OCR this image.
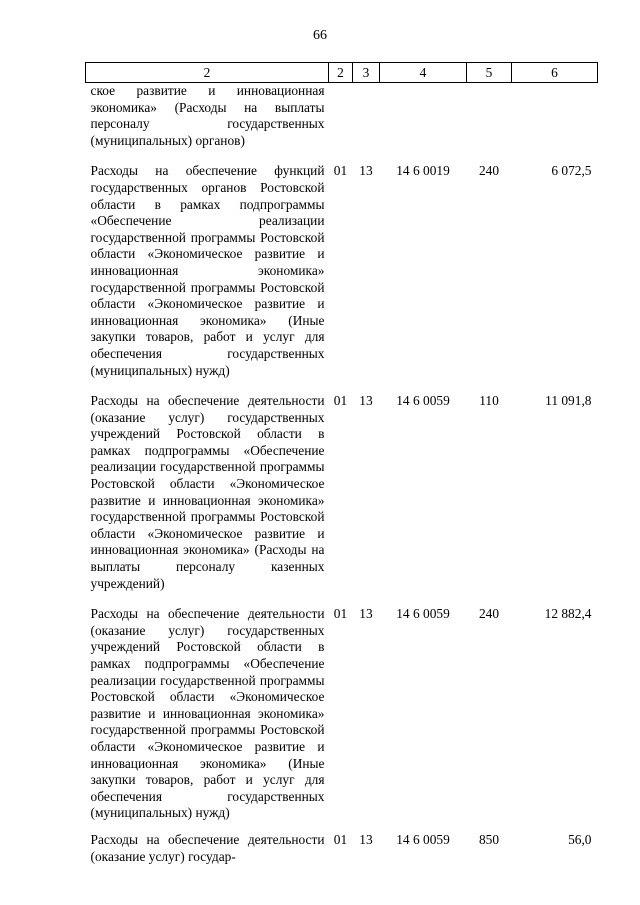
66
2	2	3	4	5	6
ское развитие и инновационная экономика» (Расходы на выплаты персоналу государственных (муниципальных) органов)					
Расходы на обеспечение функций государственных органов Ростовской области в рамках подпрограммы «Обеспечение реализации государственной программы Ростовской области «Экономическое развитие и инновационная экономика» государственной программы Ростовской области «Экономическое развитие и инновационная экономика» (Иные закупки товаров, работ и услуг для обеспечения государственных (муниципальных) нужд)	01	13	14 6 0019	240	6 072,5
Расходы на обеспечение деятельности (оказание услуг) государственных учреждений Ростовской области в рамках подпрограммы «Обеспечение реализации государственной программы Ростовской области «Экономическое развитие и инновационная экономика» государственной программы Ростовской области «Экономическое развитие и инновационная экономика» (Расходы на выплаты персоналу казенных учреждений)	01	13	14 6 0059	110	11 091,8
Расходы на обеспечение деятельности (оказание услуг) государственных учреждений Ростовской области в рамках подпрограммы «Обеспечение реализации государственной программы Ростовской области «Экономическое развитие и инновационная экономика» государственной программы Ростовской области «Экономическое развитие и инновационная экономика» (Иные закупки товаров, работ и услуг для обеспечения государственных (муниципальных) нужд)	01	13	14 6 0059	240	12 882,4
Расходы на обеспечение деятельности (оказание услуг) государ-	01	13	14 6 0059	850	56,0
